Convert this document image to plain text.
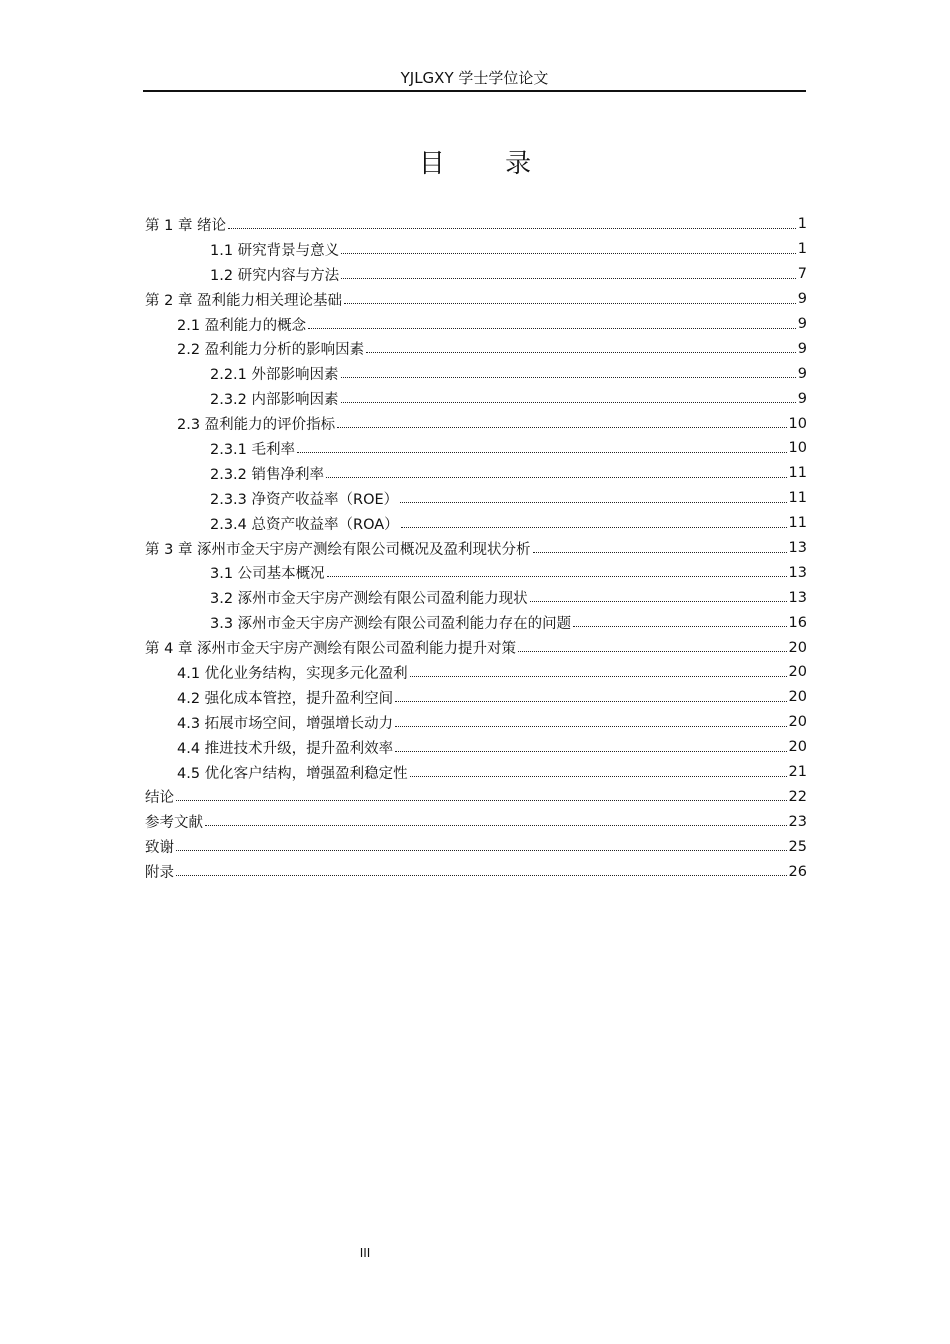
YJLGXY 学士学位论文
目 录
第 1 章 绪论	1
1.1 研究背景与意义	1
1.2 研究内容与方法	7
第 2 章 盈利能力相关理论基础	9
2.1 盈利能力的概念	9
2.2 盈利能力分析的影响因素	9
2.2.1 外部影响因素	9
2.3.2 内部影响因素	9
2.3 盈利能力的评价指标	10
2.3.1 毛利率	10
2.3.2 销售净利率	11
2.3.3 净资产收益率（ROE）	11
2.3.4 总资产收益率（ROA）	11
第 3 章 涿州市金天宇房产测绘有限公司概况及盈利现状分析	13
3.1 公司基本概况	13
3.2 涿州市金天宇房产测绘有限公司盈利能力现状	13
3.3 涿州市金天宇房产测绘有限公司盈利能力存在的问题	16
第 4 章 涿州市金天宇房产测绘有限公司盈利能力提升对策	20
4.1 优化业务结构，实现多元化盈利	20
4.2 强化成本管控，提升盈利空间	20
4.3 拓展市场空间，增强增长动力	20
4.4 推进技术升级，提升盈利效率	20
4.5 优化客户结构，增强盈利稳定性	21
结论	22
参考文献	23
致谢	25
附录	26
III
